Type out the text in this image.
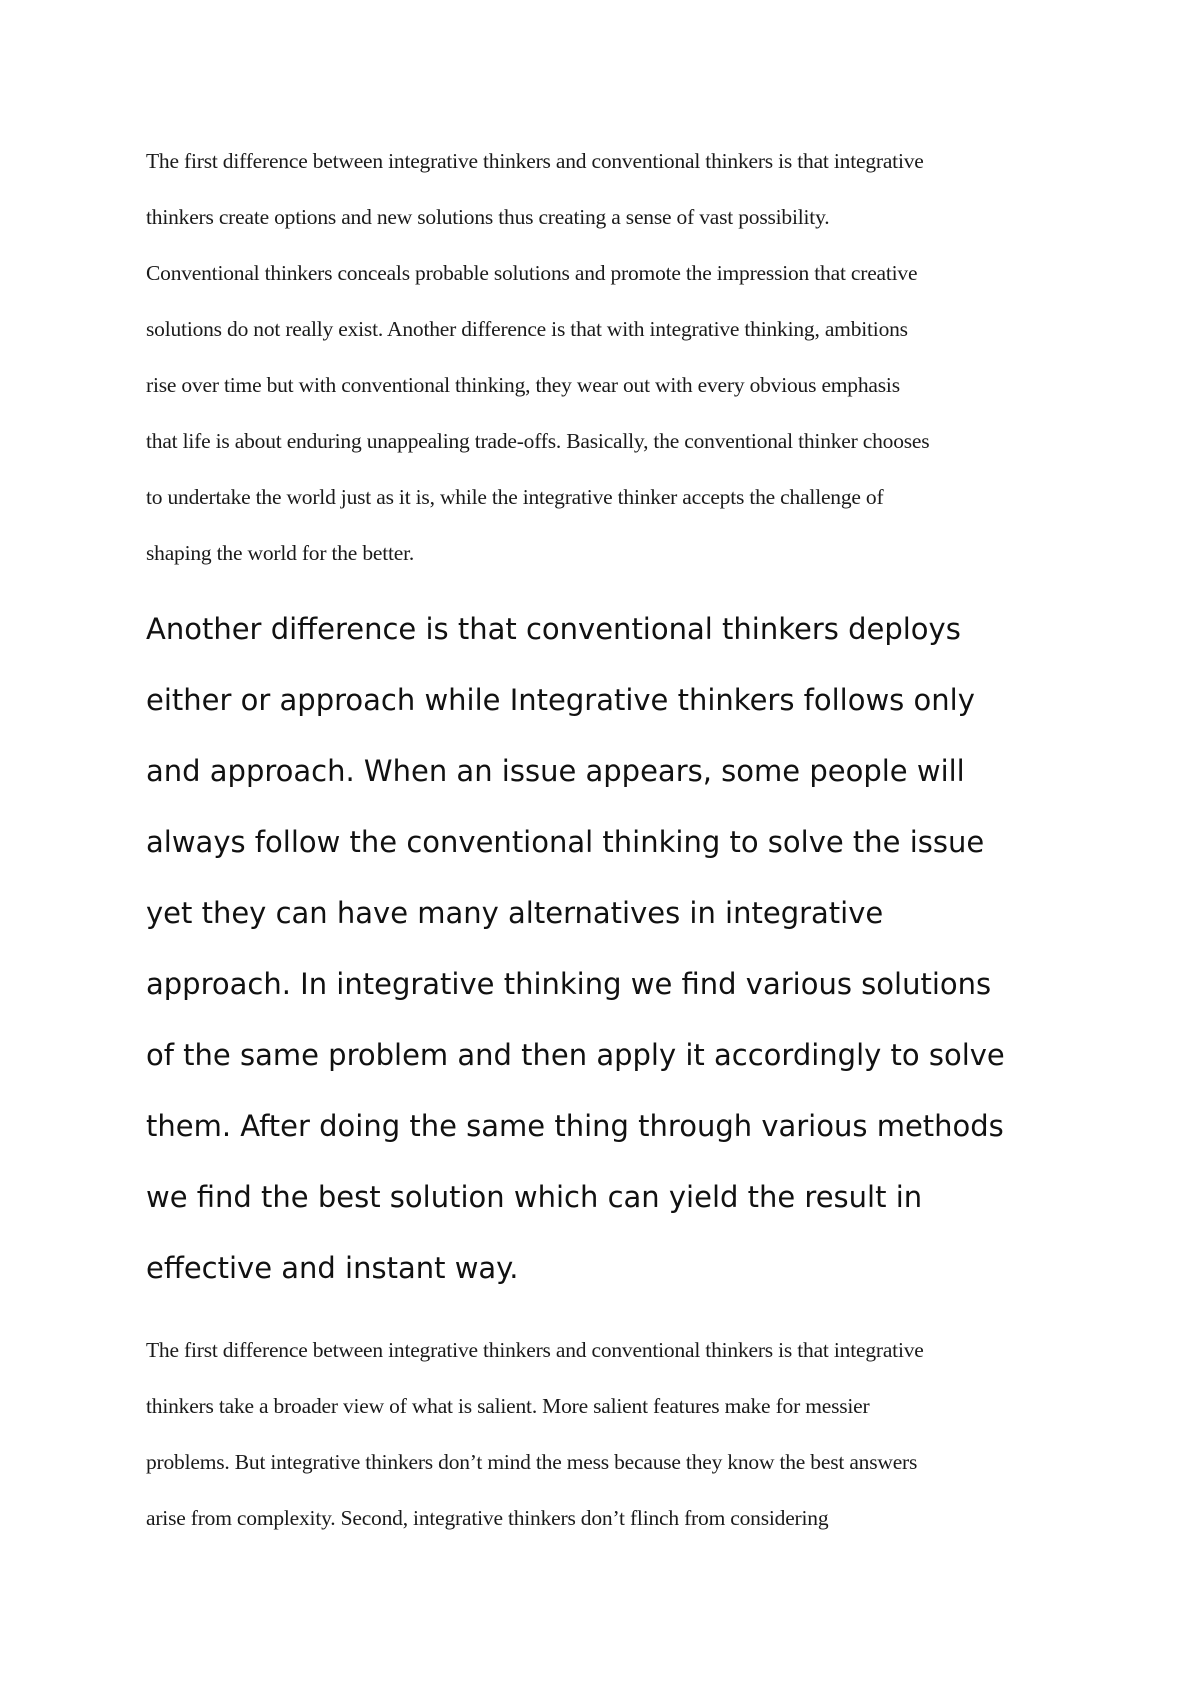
The first difference between integrative thinkers and conventional thinkers is that integrative
thinkers create options and new solutions thus creating a sense of vast possibility.
Conventional thinkers conceals probable solutions and promote the impression that creative
solutions do not really exist. Another difference is that with integrative thinking, ambitions
rise over time but with conventional thinking, they wear out with every obvious emphasis
that life is about enduring unappealing trade-offs. Basically, the conventional thinker chooses
to undertake the world just as it is, while the integrative thinker accepts the challenge of
shaping the world for the better.
Another difference is that conventional thinkers deploys
either or approach while Integrative thinkers follows only
and approach. When an issue appears, some people will
always follow the conventional thinking to solve the issue
yet they can have many alternatives in integrative
approach. In integrative thinking we find various solutions
of the same problem and then apply it accordingly to solve
them. After doing the same thing through various methods
we find the best solution which can yield the result in
effective and instant way.
The first difference between integrative thinkers and conventional thinkers is that integrative
thinkers take a broader view of what is salient. More salient features make for messier
problems. But integrative thinkers don’t mind the mess because they know the best answers
arise from complexity. Second, integrative thinkers don’t flinch from considering
